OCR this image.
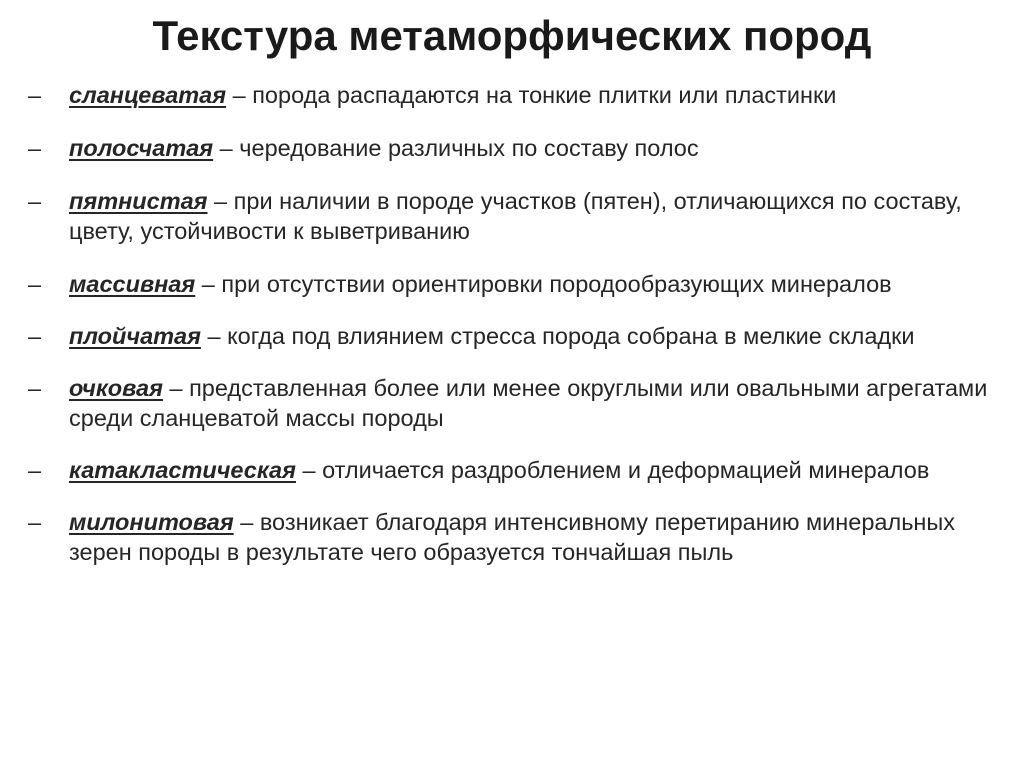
Текстура метаморфических пород
–	сланцеватая – порода распадаются на тонкие плитки или пластинки
–	полосчатая – чередование различных по составу полос
–	пятнистая – при наличии в породе участков (пятен), отличающихся по составу, цвету, устойчивости к выветриванию
–	массивная – при отсутствии ориентировки породообразующих минералов
–	плойчатая – когда под влиянием стресса порода собрана в мелкие складки
–	очковая – представленная более или менее округлыми или овальными агрегатами среди сланцеватой массы породы
–	катакластическая – отличается раздроблением и деформацией минералов
–	милонитовая – возникает благодаря интенсивному перетиранию минеральных зерен породы в результате чего образуется тончайшая пыль
